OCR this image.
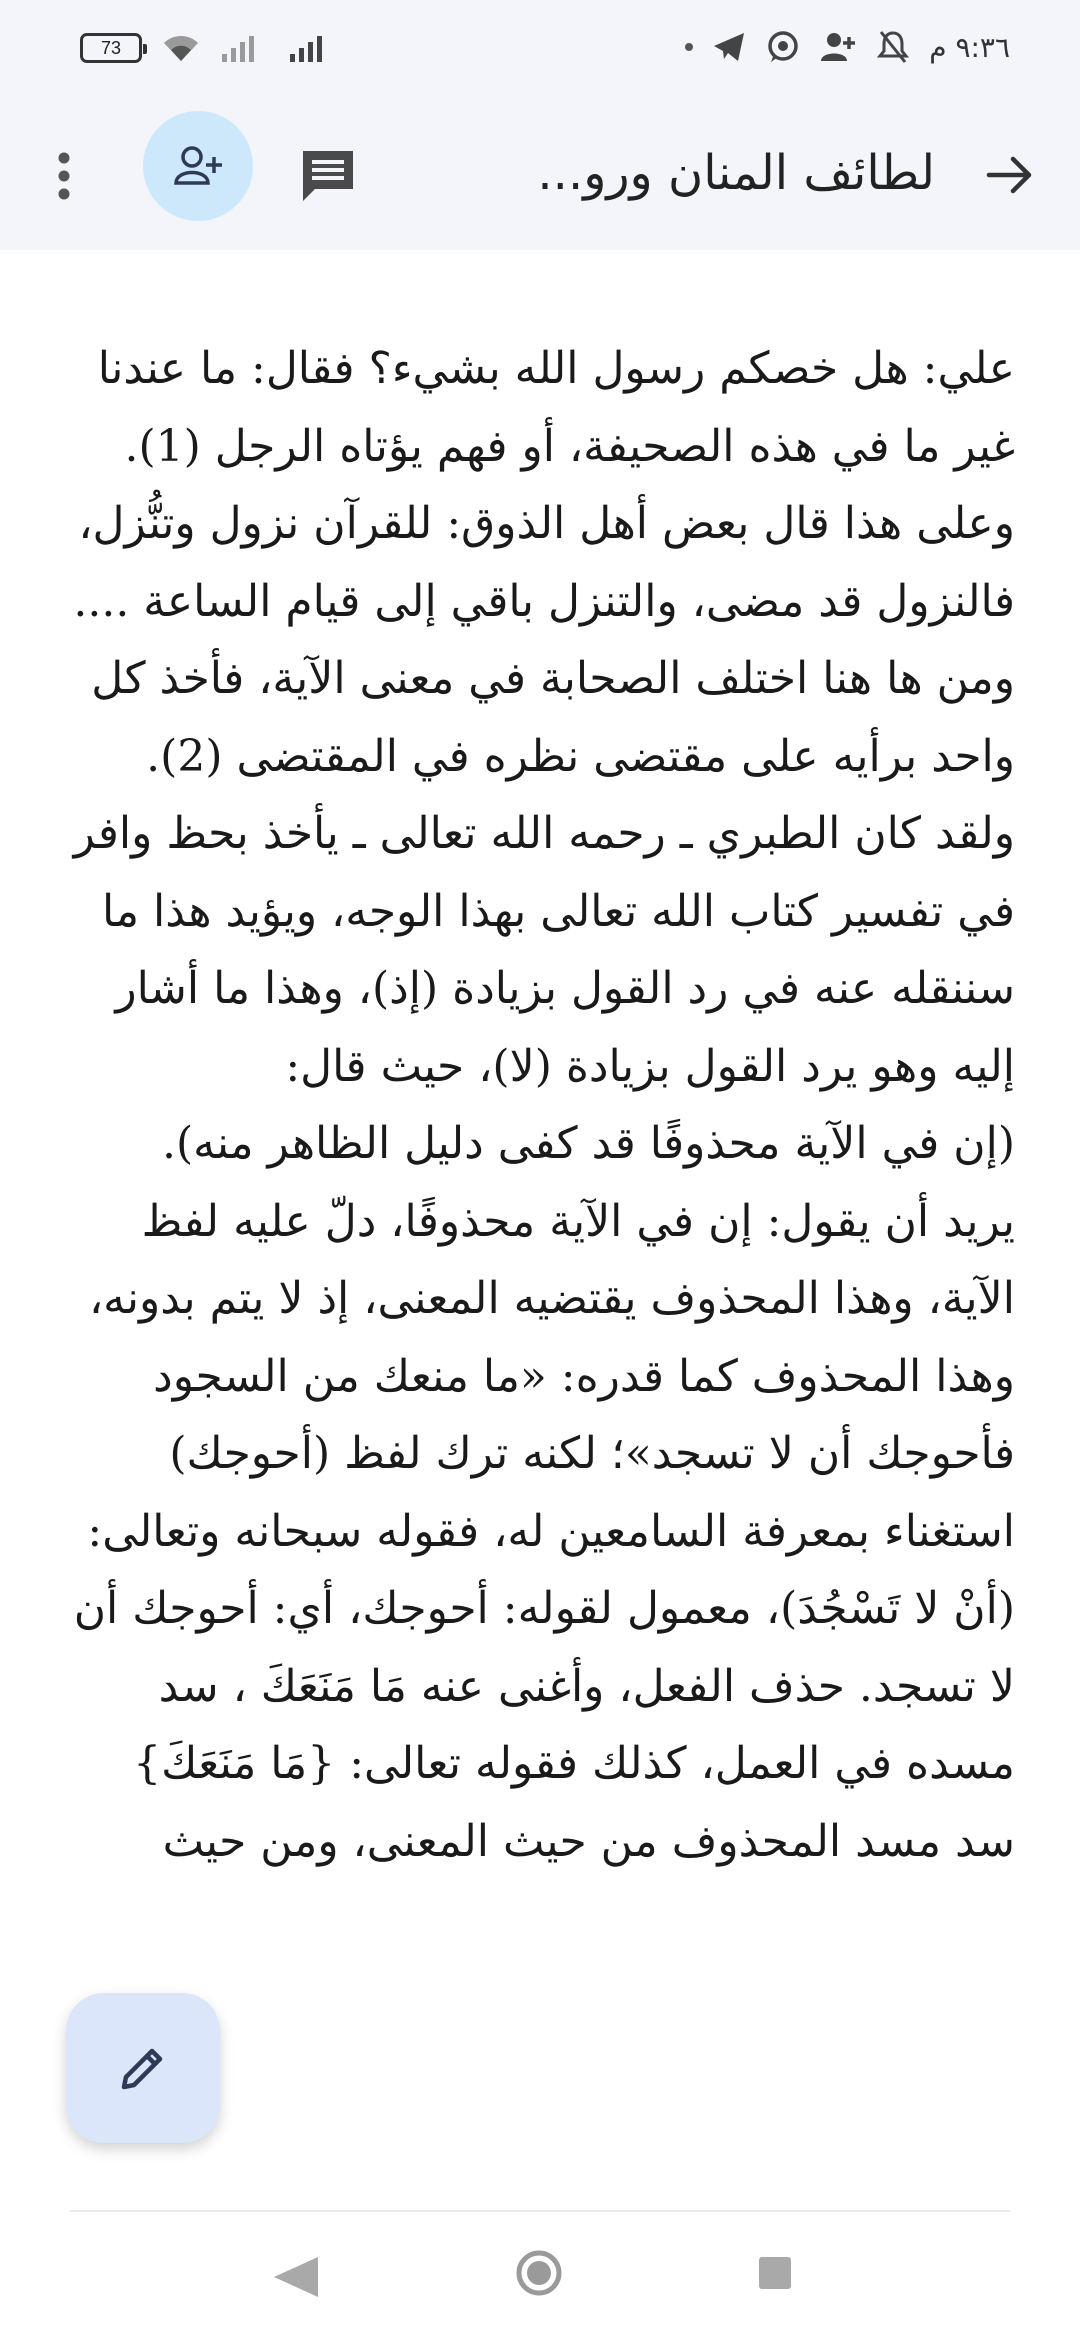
73	٩:٣٦ م
لطائف المنان ورو...

علي: هل خصكم رسول الله بشيء؟ فقال: ما عندنا غير ما في هذه الصحيفة، أو فهم يؤتاه الرجل (1).

وعلى هذا قال بعض أهل الذوق: للقرآن نزول وتنُّزل، فالنزول قد مضى، والتنزل باقي إلى قيام الساعة ....

ومن ها هنا اختلف الصحابة في معنى الآية، فأخذ كل واحد برأيه على مقتضى نظره في المقتضى (2).

ولقد كان الطبري ـ رحمه الله تعالى ـ يأخذ بحظ وافر في تفسير كتاب الله تعالى بهذا الوجه، ويؤيد هذا ما سننقله عنه في رد القول بزيادة (إذ)، وهذا ما أشار إليه وهو يرد القول بزيادة (لا)، حيث قال:

(إن في الآية محذوفًا قد كفى دليل الظاهر منه).

يريد أن يقول: إن في الآية محذوفًا، دلّ عليه لفظ الآية، وهذا المحذوف يقتضيه المعنى، إذ لا يتم بدونه، وهذا المحذوف كما قدره: «ما منعك من السجود فأحوجك أن لا تسجد»؛ لكنه ترك لفظ (أحوجك) استغناء بمعرفة السامعين له، فقوله سبحانه وتعالى: (أنْ لا تَسْجُدَ)، معمول لقوله: أحوجك، أي: أحوجك أن لا تسجد. حذف الفعل، وأغنى عنه مَا مَنَعَكَ ، سد مسده في العمل، كذلك فقوله تعالى: {مَا مَنَعَكَ} سد مسد المحذوف من حيث المعنى، ومن حيث
